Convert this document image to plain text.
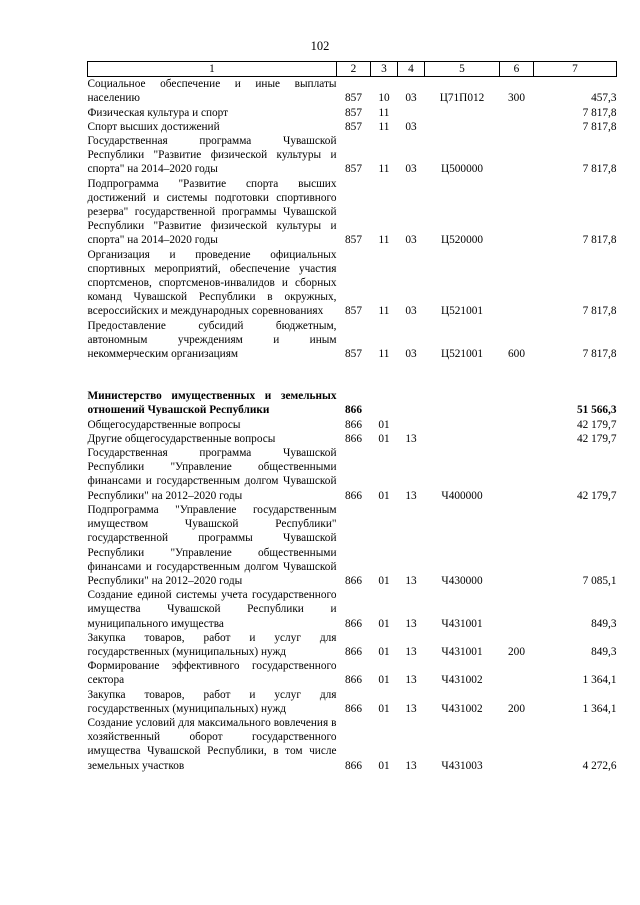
102
1	2	3	4	5	6	7
Социальное обеспечение и иные выплаты населению	857	10	03	Ц71П012	300	457,3
Физическая культура и спорт	857	11				7 817,8
Спорт высших достижений	857	11	03			7 817,8
Государственная программа Чувашской Республики "Развитие физической культуры и спорта" на 2014–2020 годы	857	11	03	Ц500000		7 817,8
Подпрограмма "Развитие спорта высших достижений и системы подготовки спортивного резерва" государственной программы Чувашской Республики "Развитие физической культуры и спорта" на 2014–2020 годы	857	11	03	Ц520000		7 817,8
Организация и проведение официальных спортивных мероприятий, обеспечение участия спортсменов, спортсменов-инвалидов и сборных команд Чувашской Республики в окружных, всероссийских и международных соревнованиях	857	11	03	Ц521001		7 817,8
Предоставление субсидий бюджетным, автономным учреждениям и иным некоммерческим организациям	857	11	03	Ц521001	600	7 817,8

Министерство имущественных и земельных отношений Чувашской Республики	866					51 566,3
Общегосударственные вопросы	866	01				42 179,7
Другие общегосударственные вопросы	866	01	13			42 179,7
Государственная программа Чувашской Республики "Управление общественными финансами и государственным долгом Чувашской Республики" на 2012–2020 годы	866	01	13	Ч400000		42 179,7
Подпрограмма "Управление государственным имуществом Чувашской Республики" государственной программы Чувашской Республики "Управление общественными финансами и государственным долгом Чувашской Республики" на 2012–2020 годы	866	01	13	Ч430000		7 085,1
Создание единой системы учета государственного имущества Чувашской Республики и муниципального имущества	866	01	13	Ч431001		849,3
Закупка товаров, работ и услуг для государственных (муниципальных) нужд	866	01	13	Ч431001	200	849,3
Формирование эффективного государственного сектора	866	01	13	Ч431002		1 364,1
Закупка товаров, работ и услуг для государственных (муниципальных) нужд	866	01	13	Ч431002	200	1 364,1
Создание условий для максимального вовлечения в хозяйственный оборот государственного имущества Чувашской Республики, в том числе земельных участков	866	01	13	Ч431003		4 272,6
